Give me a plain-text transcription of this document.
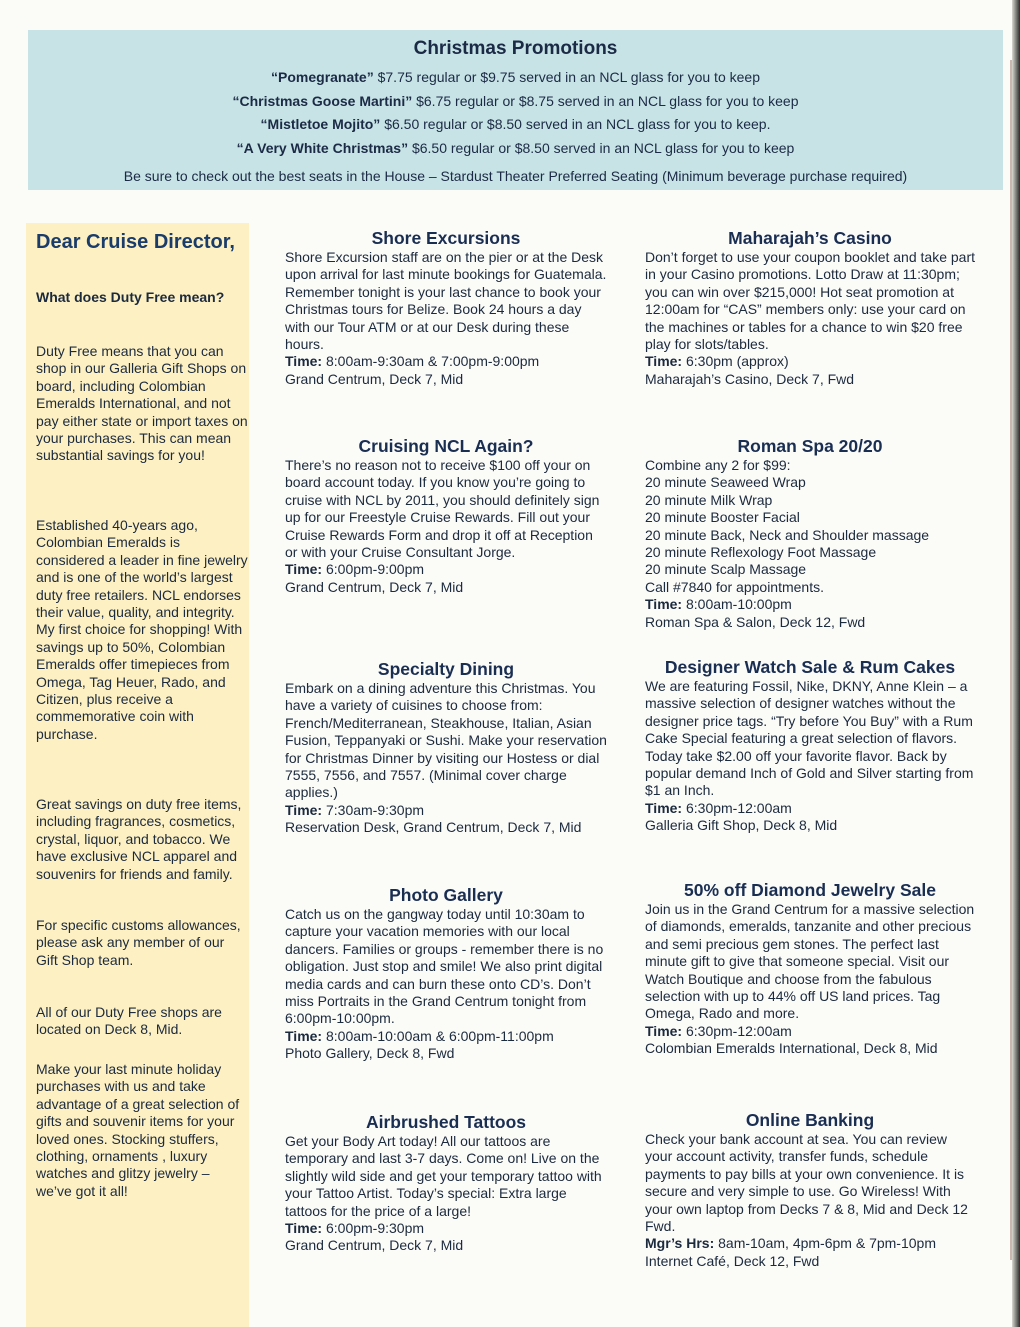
Christmas Promotions
“Pomegranate” $7.75 regular or $9.75 served in an NCL glass for you to keep
“Christmas Goose Martini” $6.75 regular or $8.75 served in an NCL glass for you to keep
“Mistletoe Mojito” $6.50 regular or $8.50 served in an NCL glass for you to keep.
“A Very White Christmas” $6.50 regular or $8.50 served in an NCL glass for you to keep
Be sure to check out the best seats in the House – Stardust Theater Preferred Seating (Minimum beverage purchase required)
Dear Cruise Director,
What does Duty Free mean?
Duty Free means that you can shop in our Galleria Gift Shops on board, including Colombian Emeralds International, and not pay either state or import taxes on your purchases. This can mean substantial savings for you!
Established 40-years ago, Colombian Emeralds is considered a leader in fine jewelry and is one of the world’s largest duty free retailers. NCL endorses their value, quality, and integrity. My first choice for shopping! With savings up to 50%, Colombian Emeralds offer timepieces from Omega, Tag Heuer, Rado, and Citizen, plus receive a commemorative coin with purchase.
Great savings on duty free items, including fragrances, cosmetics, crystal, liquor, and tobacco. We have exclusive NCL apparel and souvenirs for friends and family.
For specific customs allowances, please ask any member of our Gift Shop team.
All of our Duty Free shops are located on Deck 8, Mid.
Make your last minute holiday purchases with us and take advantage of a great selection of gifts and souvenir items for your loved ones. Stocking stuffers, clothing, ornaments , luxury watches and glitzy jewelry – we’ve got it all!
Shore Excursions
Shore Excursion staff are on the pier or at the Desk upon arrival for last minute bookings for Guatemala. Remember tonight is your last chance to book your Christmas tours for Belize. Book 24 hours a day with our Tour ATM or at our Desk during these hours.
Time: 8:00am-9:30am & 7:00pm-9:00pm
Grand Centrum, Deck 7, Mid
Cruising NCL Again?
There’s no reason not to receive $100 off your on board account today. If you know you’re going to cruise with NCL by 2011, you should definitely sign up for our Freestyle Cruise Rewards. Fill out your Cruise Rewards Form and drop it off at Reception or with your Cruise Consultant Jorge.
Time: 6:00pm-9:00pm
Grand Centrum, Deck 7, Mid
Specialty Dining
Embark on a dining adventure this Christmas. You have a variety of cuisines to choose from: French/Mediterranean, Steakhouse, Italian, Asian Fusion, Teppanyaki or Sushi. Make your reservation for Christmas Dinner by visiting our Hostess or dial 7555, 7556, and 7557. (Minimal cover charge applies.)
Time: 7:30am-9:30pm
Reservation Desk, Grand Centrum, Deck 7, Mid
Photo Gallery
Catch us on the gangway today until 10:30am to capture your vacation memories with our local dancers. Families or groups - remember there is no obligation. Just stop and smile! We also print digital media cards and can burn these onto CD’s. Don’t miss Portraits in the Grand Centrum tonight from 6:00pm-10:00pm.
Time: 8:00am-10:00am & 6:00pm-11:00pm
Photo Gallery, Deck 8, Fwd
Airbrushed Tattoos
Get your Body Art today! All our tattoos are temporary and last 3-7 days. Come on! Live on the slightly wild side and get your temporary tattoo with your Tattoo Artist. Today’s special: Extra large tattoos for the price of a large!
Time: 6:00pm-9:30pm
Grand Centrum, Deck 7, Mid
Maharajah’s Casino
Don’t forget to use your coupon booklet and take part in your Casino promotions. Lotto Draw at 11:30pm; you can win over $215,000! Hot seat promotion at 12:00am for “CAS” members only: use your card on the machines or tables for a chance to win $20 free play for slots/tables.
Time: 6:30pm (approx)
Maharajah’s Casino, Deck 7, Fwd
Roman Spa 20/20
Combine any 2 for $99:
20 minute Seaweed Wrap
20 minute Milk Wrap
20 minute Booster Facial
20 minute Back, Neck and Shoulder massage
20 minute Reflexology Foot Massage
20 minute Scalp Massage
Call #7840 for appointments.
Time: 8:00am-10:00pm
Roman Spa & Salon, Deck 12, Fwd
Designer Watch Sale & Rum Cakes
We are featuring Fossil, Nike, DKNY, Anne Klein – a massive selection of designer watches without the designer price tags. “Try before You Buy” with a Rum Cake Special featuring a great selection of flavors. Today take $2.00 off your favorite flavor. Back by popular demand Inch of Gold and Silver starting from $1 an Inch.
Time: 6:30pm-12:00am
Galleria Gift Shop, Deck 8, Mid
50% off Diamond Jewelry Sale
Join us in the Grand Centrum for a massive selection of diamonds, emeralds, tanzanite and other precious and semi precious gem stones. The perfect last minute gift to give that someone special. Visit our Watch Boutique and choose from the fabulous selection with up to 44% off US land prices. Tag Omega, Rado and more.
Time: 6:30pm-12:00am
Colombian Emeralds International, Deck 8, Mid
Online Banking
Check your bank account at sea. You can review your account activity, transfer funds, schedule payments to pay bills at your own convenience. It is secure and very simple to use. Go Wireless! With your own laptop from Decks 7 & 8, Mid and Deck 12 Fwd.
Mgr’s Hrs: 8am-10am, 4pm-6pm & 7pm-10pm
Internet Café, Deck 12, Fwd
